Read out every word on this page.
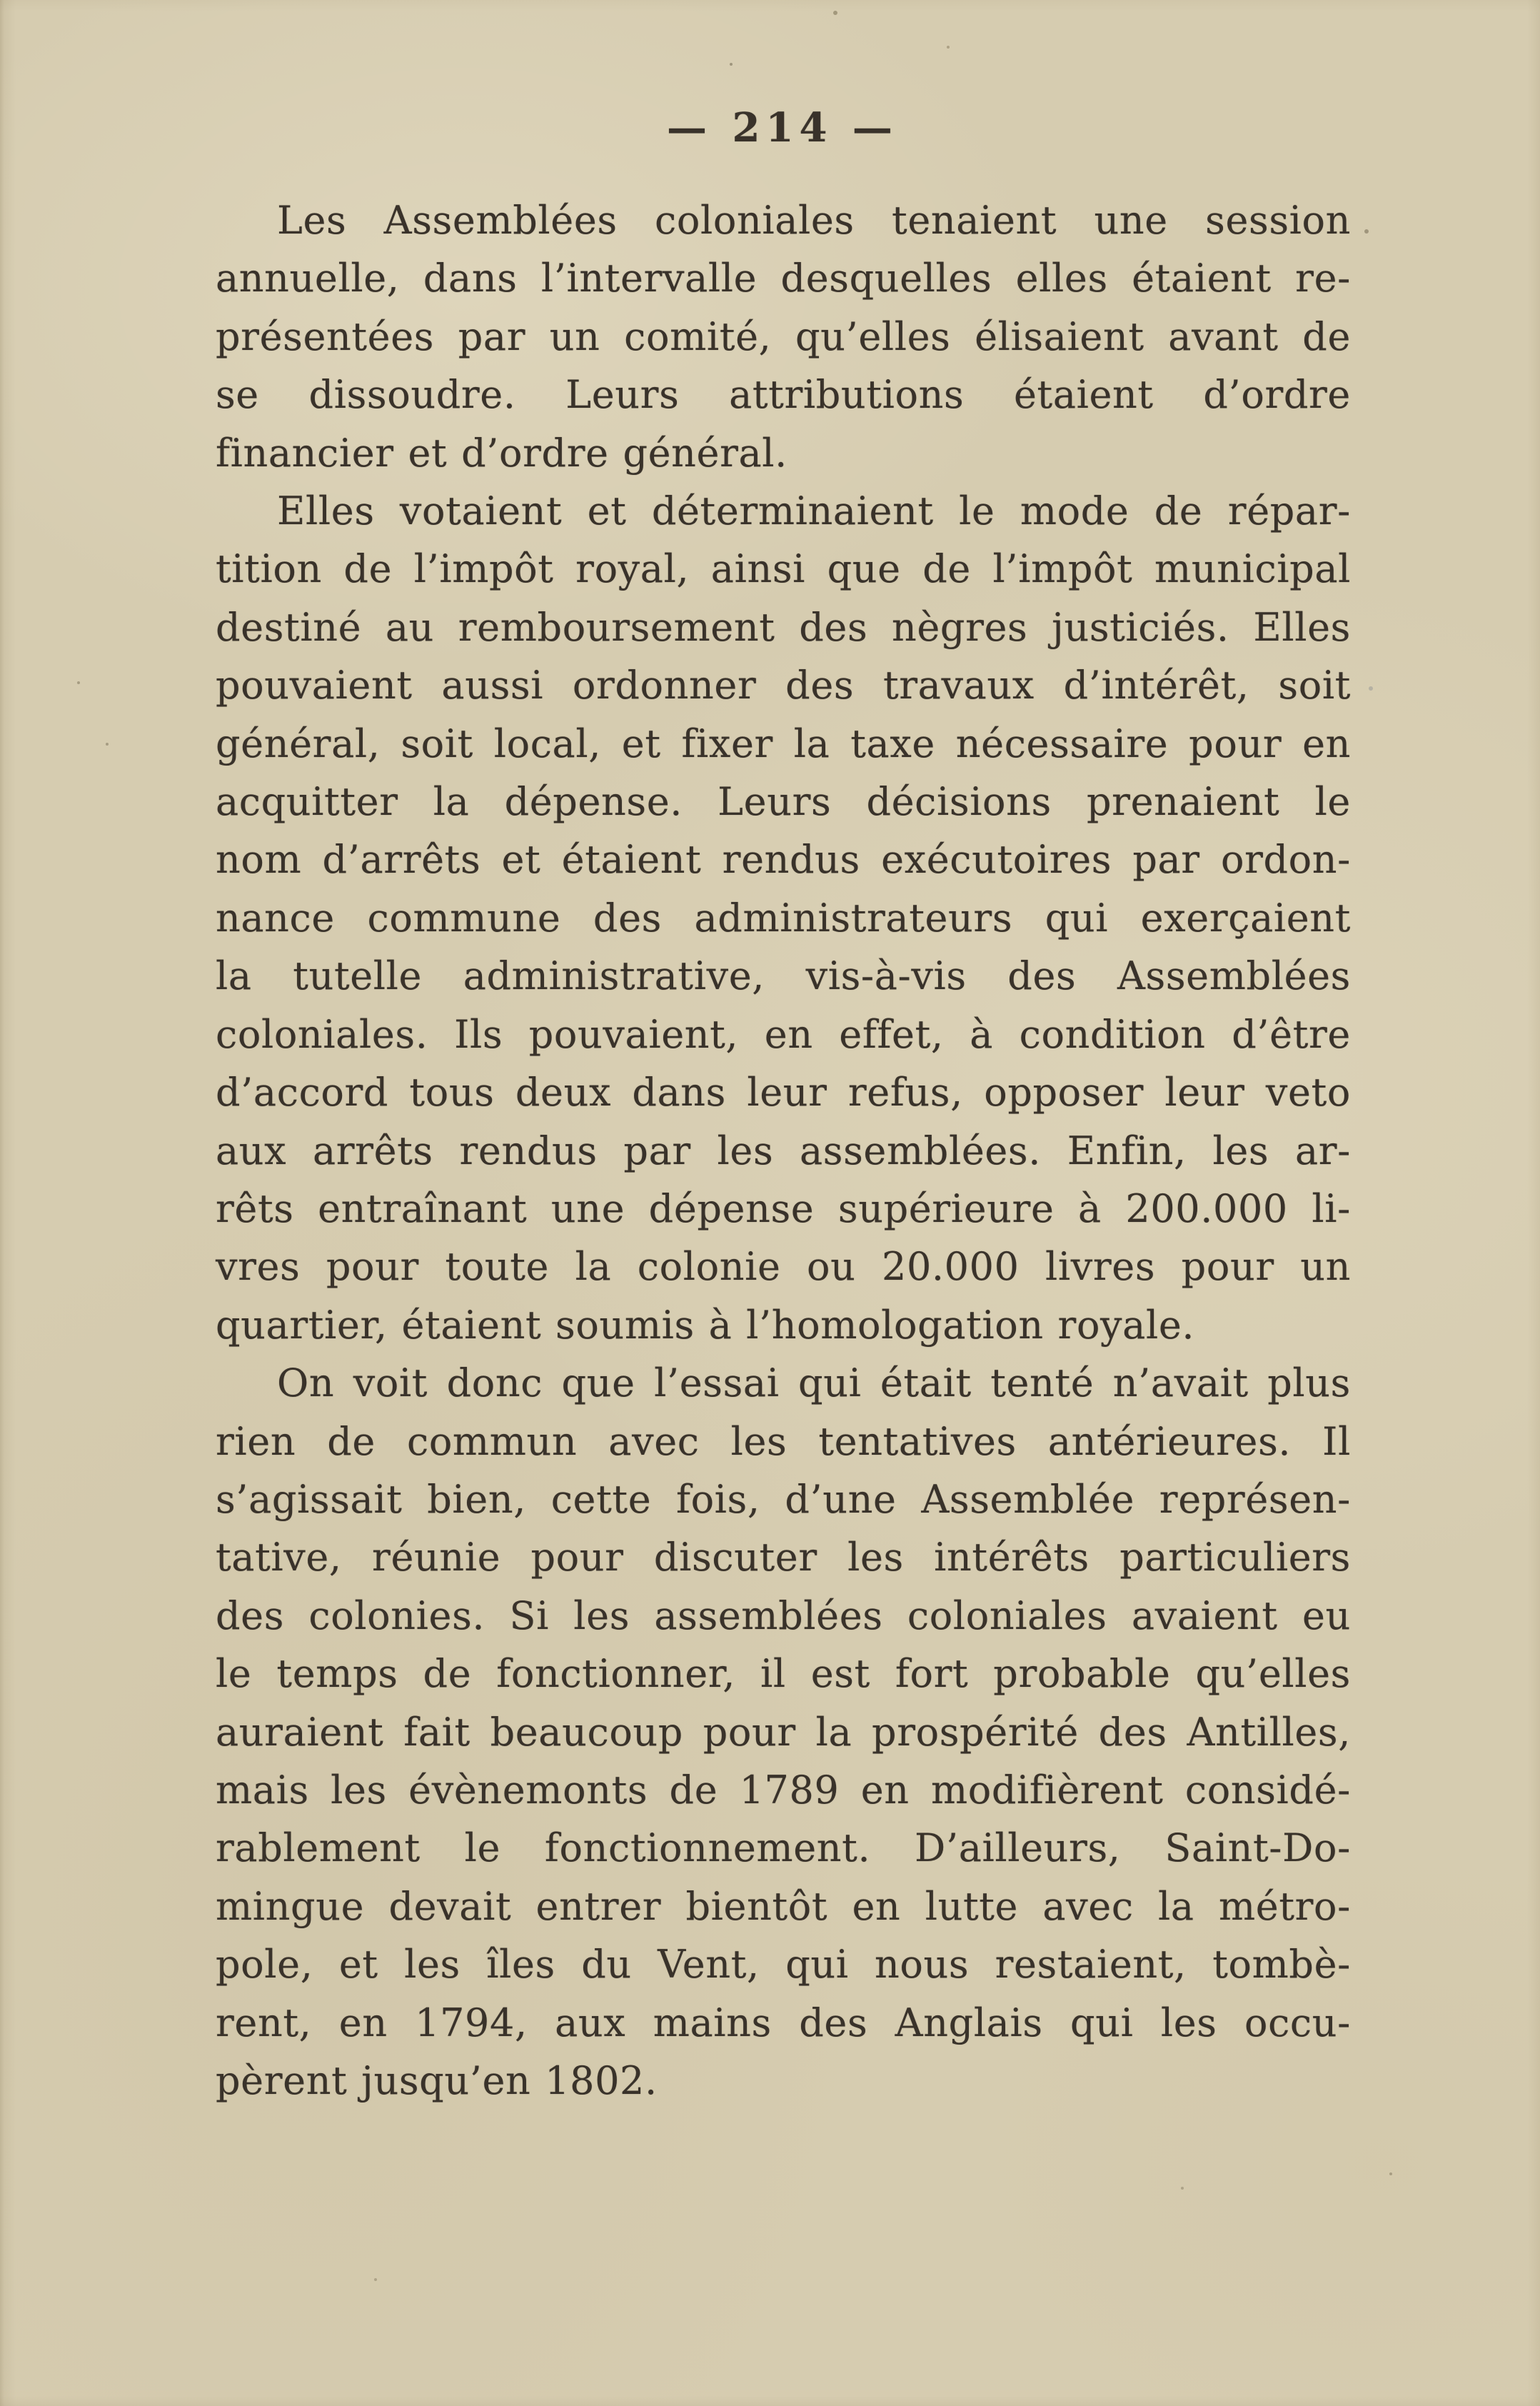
— 214 —
Les Assemblées coloniales tenaient une session
annuelle, dans l’intervalle desquelles elles étaient re-
présentées par un comité, qu’elles élisaient avant de
se dissoudre. Leurs attributions étaient d’ordre
financier et d’ordre général.
Elles votaient et déterminaient le mode de répar-
tition de l’impôt royal, ainsi que de l’impôt municipal
destiné au remboursement des nègres justiciés. Elles
pouvaient aussi ordonner des travaux d’intérêt, soit
général, soit local, et fixer la taxe nécessaire pour en
acquitter la dépense. Leurs décisions prenaient le
nom d’arrêts et étaient rendus exécutoires par ordon-
nance commune des administrateurs qui exerçaient
la tutelle administrative, vis-à-vis des Assemblées
coloniales. Ils pouvaient, en effet, à condition d’être
d’accord tous deux dans leur refus, opposer leur veto
aux arrêts rendus par les assemblées. Enfin, les ar-
rêts entraînant une dépense supérieure à 200.000 li-
vres pour toute la colonie ou 20.000 livres pour un
quartier, étaient soumis à l’homologation royale.
On voit donc que l’essai qui était tenté n’avait plus
rien de commun avec les tentatives antérieures. Il
s’agissait bien, cette fois, d’une Assemblée représen-
tative, réunie pour discuter les intérêts particuliers
des colonies. Si les assemblées coloniales avaient eu
le temps de fonctionner, il est fort probable qu’elles
auraient fait beaucoup pour la prospérité des Antilles,
mais les évènemonts de 1789 en modifièrent considé-
rablement le fonctionnement. D’ailleurs, Saint-Do-
mingue devait entrer bientôt en lutte avec la métro-
pole, et les îles du Vent, qui nous restaient, tombè-
rent, en 1794, aux mains des Anglais qui les occu-
pèrent jusqu’en 1802.
